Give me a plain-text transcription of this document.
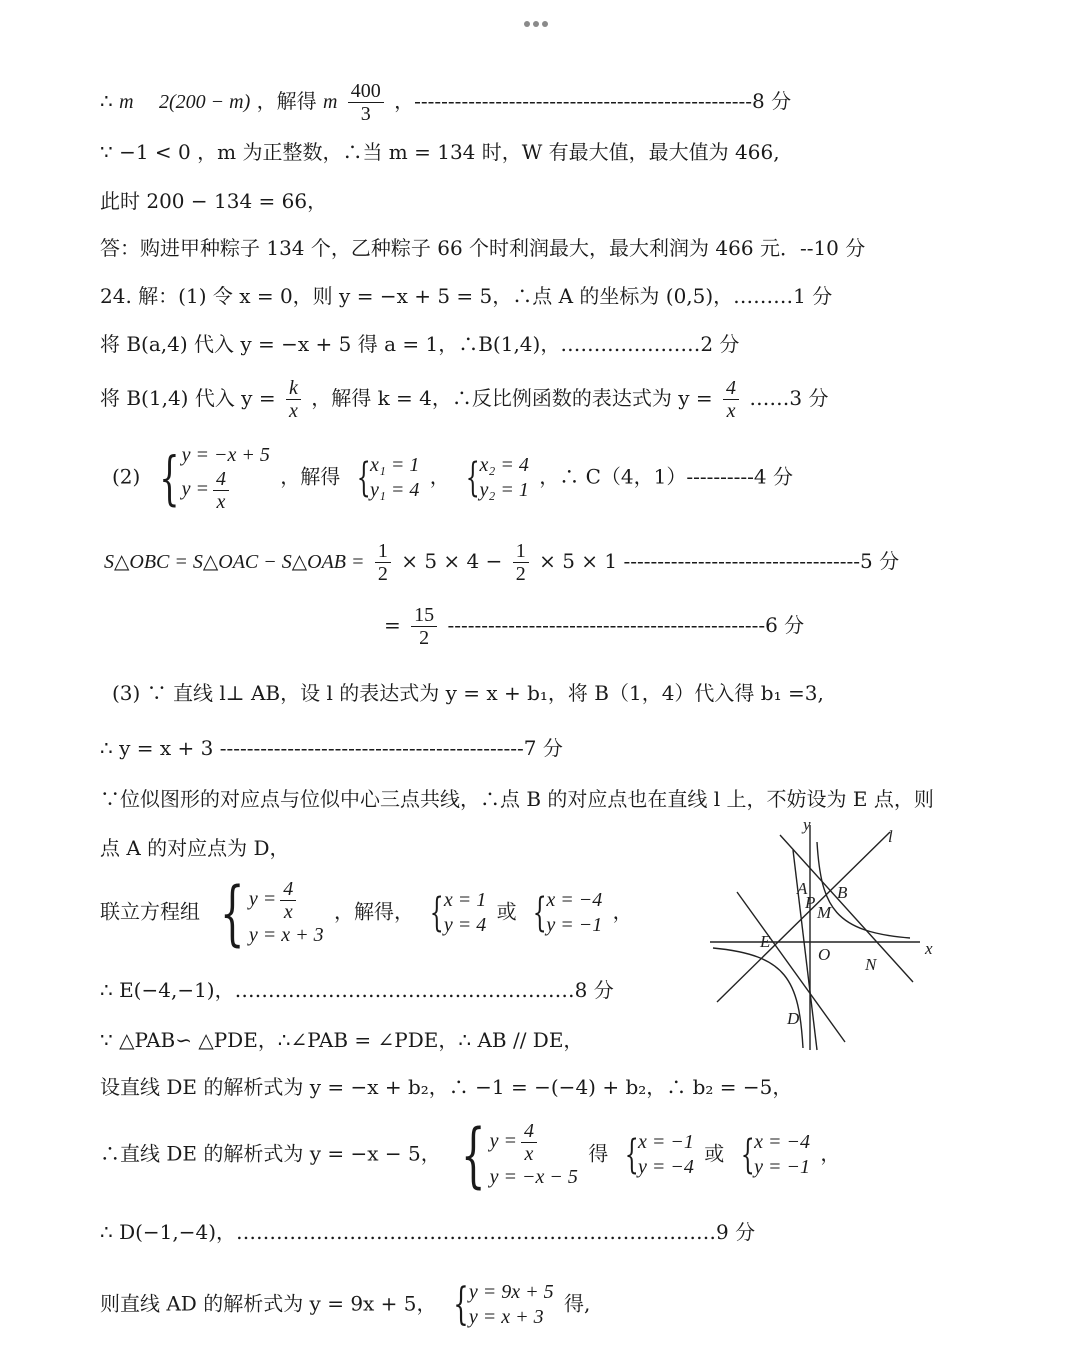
∴ m 2(200 − m) ，解得 m $\frac{400}{3}$ ，--------------------------------------------------8 分
∵ −1 < 0 ，m 为正整数，∴当 m = 134 时，W 有最大值，最大值为 466,
此时 200 − 134 = 66，
答：购进甲种粽子 134 个，乙种粽子 66 个时利润最大，最大利润为 466 元．--10 分
24. 解：(1) 令 x = 0，则 y = −x + 5 = 5，∴点 A 的坐标为 (0,5)，………1 分
将 B(a,4) 代入 y = −x + 5 得 a = 1，∴B(1,4)，…………………2 分
将 B(1,4) 代入 $y = \frac{k}{x}$ ，解得 k = 4，∴反比例函数的表达式为 $y = \frac{4}{x}$ ……3 分
(2) { y = −x + 5
$y = \frac{4}{x}$	，解得 { x₁ = 1
y₁ = 4
， { x₂ = 4
y₂ = 1
，∴ C（4，1）----------4 分
S△OBC = S△OAC − S△OAB = $\frac{1}{2} \times 5 \times 4 - \frac{1}{2} \times 5 \times 1$ -----------------------------------5 分
= $\frac{15}{2} -----------------------------------------------6$ 分
(3) ∵ 直线 l⊥ AB，设 l 的表达式为 y = x + b₁，将 B（1，4）代入得 b₁ =3,
∴ y = x + 3 ---------------------------------------------7 分
∵位似图形的对应点与位似中心三点共线，∴点 B 的对应点也在直线 l 上，不妨设为 E 点，则
点 A 的对应点为 D，
联立方程组 { $y = \frac{4}{x}$
y = x + 3
，解得， { x = 1
y = 4
或 { x = −4
y = −1
，
∴ E(−4,−1)，……………………………………………8 分
∵ △PAB∽ △PDE，∴∠PAB = ∠PDE，∴ AB // DE，
设直线 DE 的解析式为 y = −x + b₂，∴ −1 = −(−4) + b₂，∴ b₂ = −5，
∴直线 DE 的解析式为 y = −x − 5， { $y = \frac{4}{x}$
y = −x − 5
得 { x = −1
y = −4
或 { x = −4
y = −1
，
∴ D(−1,−4)，………………………………………………………………9 分
则直线 AD 的解析式为 y = 9x + 5， { y = 9x + 5
y = x + 3
得,
y
x
l
A B
P
M
E
O
N
D
